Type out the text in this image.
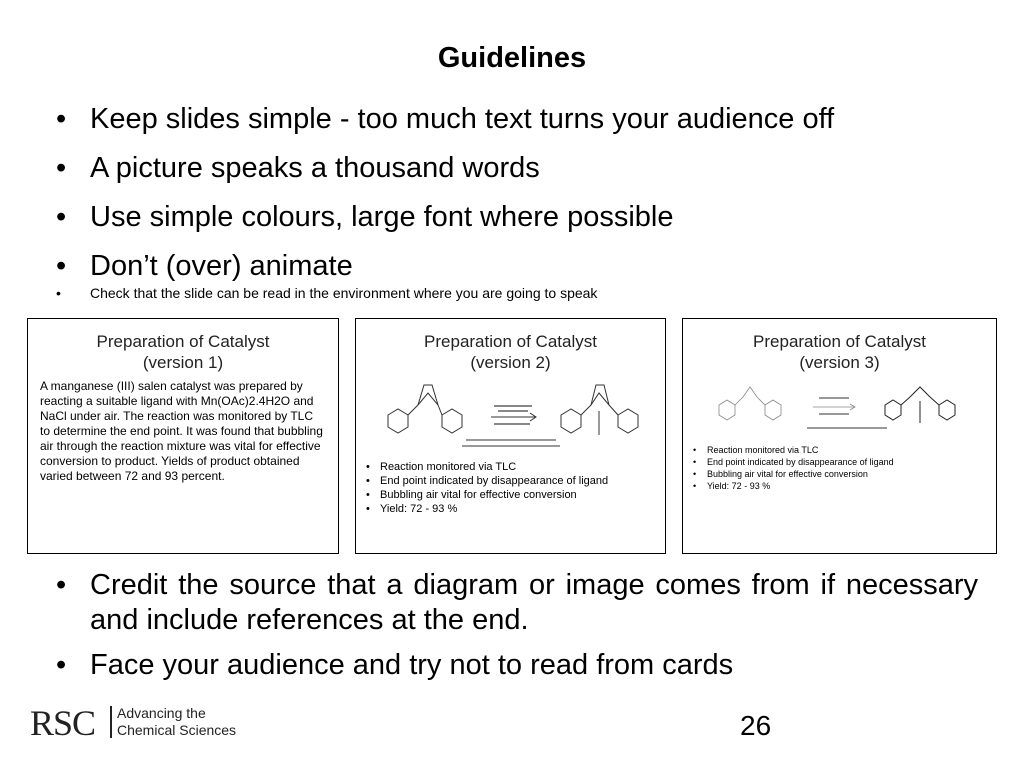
Guidelines
• Keep slides simple - too much text turns your audience off
• A picture speaks a thousand words
• Use simple colours, large font where possible
• Don’t (over) animate
• Check that the slide can be read in the environment where you are going to speak
Preparation of Catalyst
(version 1)
A manganese (III) salen catalyst was prepared by reacting a suitable ligand with Mn(OAc)2.4H2O and NaCl under air. The reaction was monitored by TLC to determine the end point. It was found that bubbling air through the reaction mixture was vital for effective conversion to product. Yields of product obtained varied between 72 and 93 percent.
Preparation of Catalyst
(version 2)
• Reaction monitored via TLC
• End point indicated by disappearance of ligand
• Bubbling air vital for effective conversion
• Yield: 72 - 93 %
Preparation of Catalyst
(version 3)
• Reaction monitored via TLC
• End point indicated by disappearance of ligand
• Bubbling air vital for effective conversion
• Yield: 72 - 93 %
• Credit the source that a diagram or image comes from if necessary and include references at the end.
• Face your audience and try not to read from cards
RSC Advancing the
Chemical Sciences	26
